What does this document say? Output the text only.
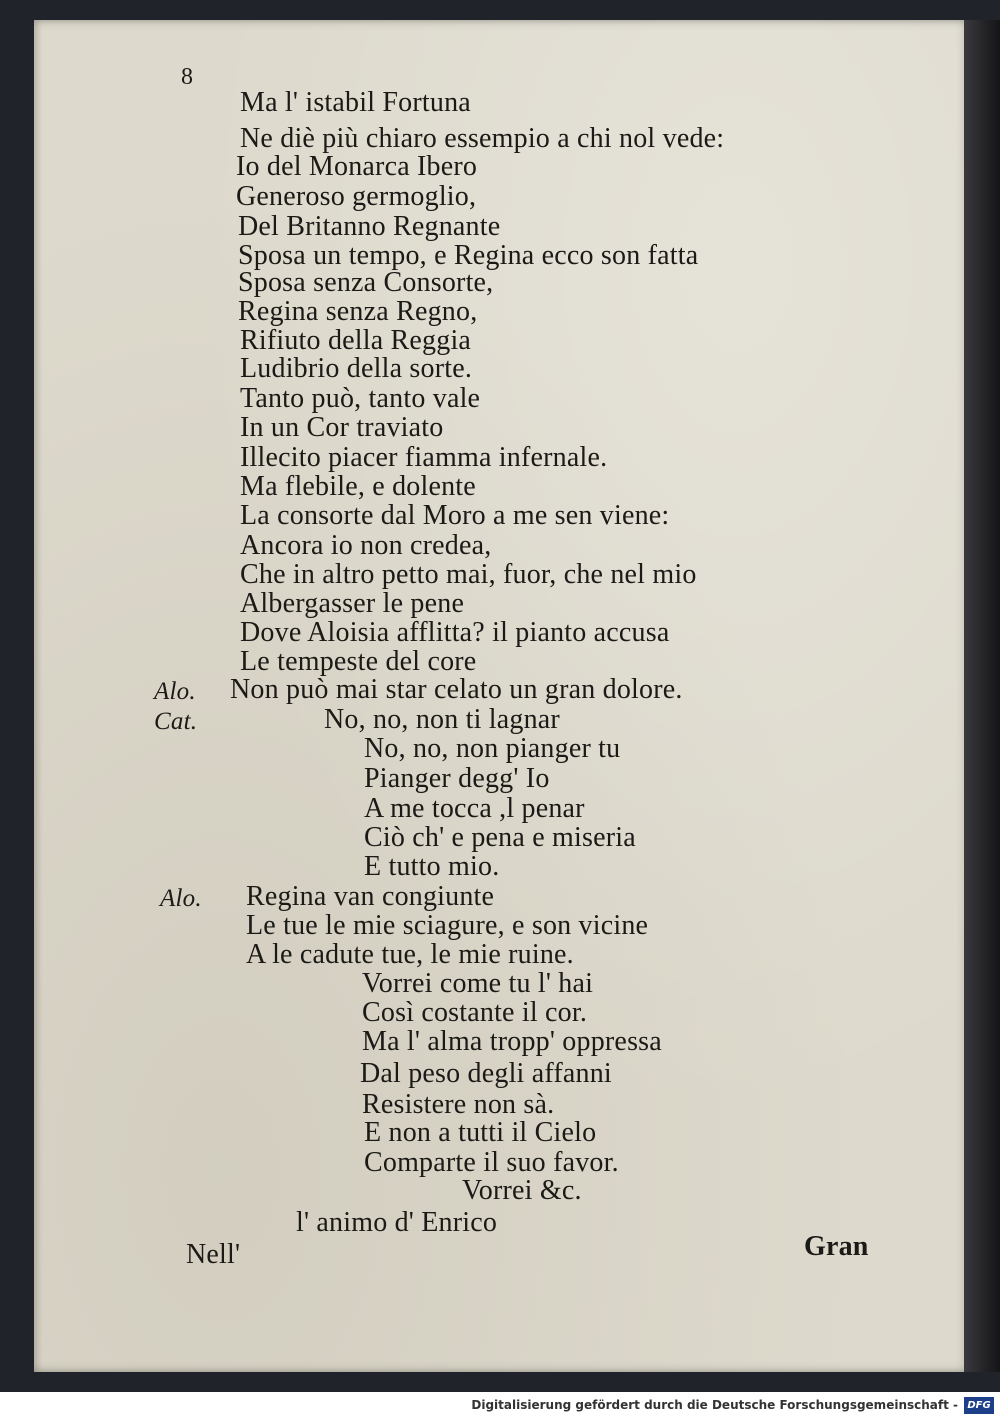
8
Ma l' istabil Fortuna
Ne diè più chiaro essempio a chi nol vede:
Io del Monarca Ibero
Generoso germoglio,
Del Britanno Regnante
Sposa un tempo, e Regina ecco son fatta
Sposa senza Consorte,
Regina senza Regno,
Rifiuto della Reggia
Ludibrio della sorte.
Tanto può, tanto vale
In un Cor traviato
Illecito piacer fiamma infernale.
Ma flebile, e dolente
La consorte dal Moro a me sen viene:
Ancora io non credea,
Che in altro petto mai, fuor, che nel mio
Albergasser le pene
Dove Aloisia afflitta? il pianto accusa
Le tempeste del core
Alo. Non può mai star celato un gran dolore.
Cat.	No, no, non ti lagnar
No, no, non pianger tu
Pianger degg' Io
A me tocca ,l penar
Ciò ch' e pena e miseria
E tutto mio.
Alo. Regina van congiunte
Le tue le mie sciagure, e son vicine
A le cadute tue, le mie ruine.
Vorrei come tu l' hai
Così costante il cor.
Ma l' alma tropp' oppressa
Dal peso degli affanni
Resistere non sà.
E non a tutti il Cielo
Comparte il suo favor.
Vorrei &c.
l' animo d' Enrico
Nell'	Gran
Digitalisierung gefördert durch die Deutsche Forschungsgemeinschaft - DFG
